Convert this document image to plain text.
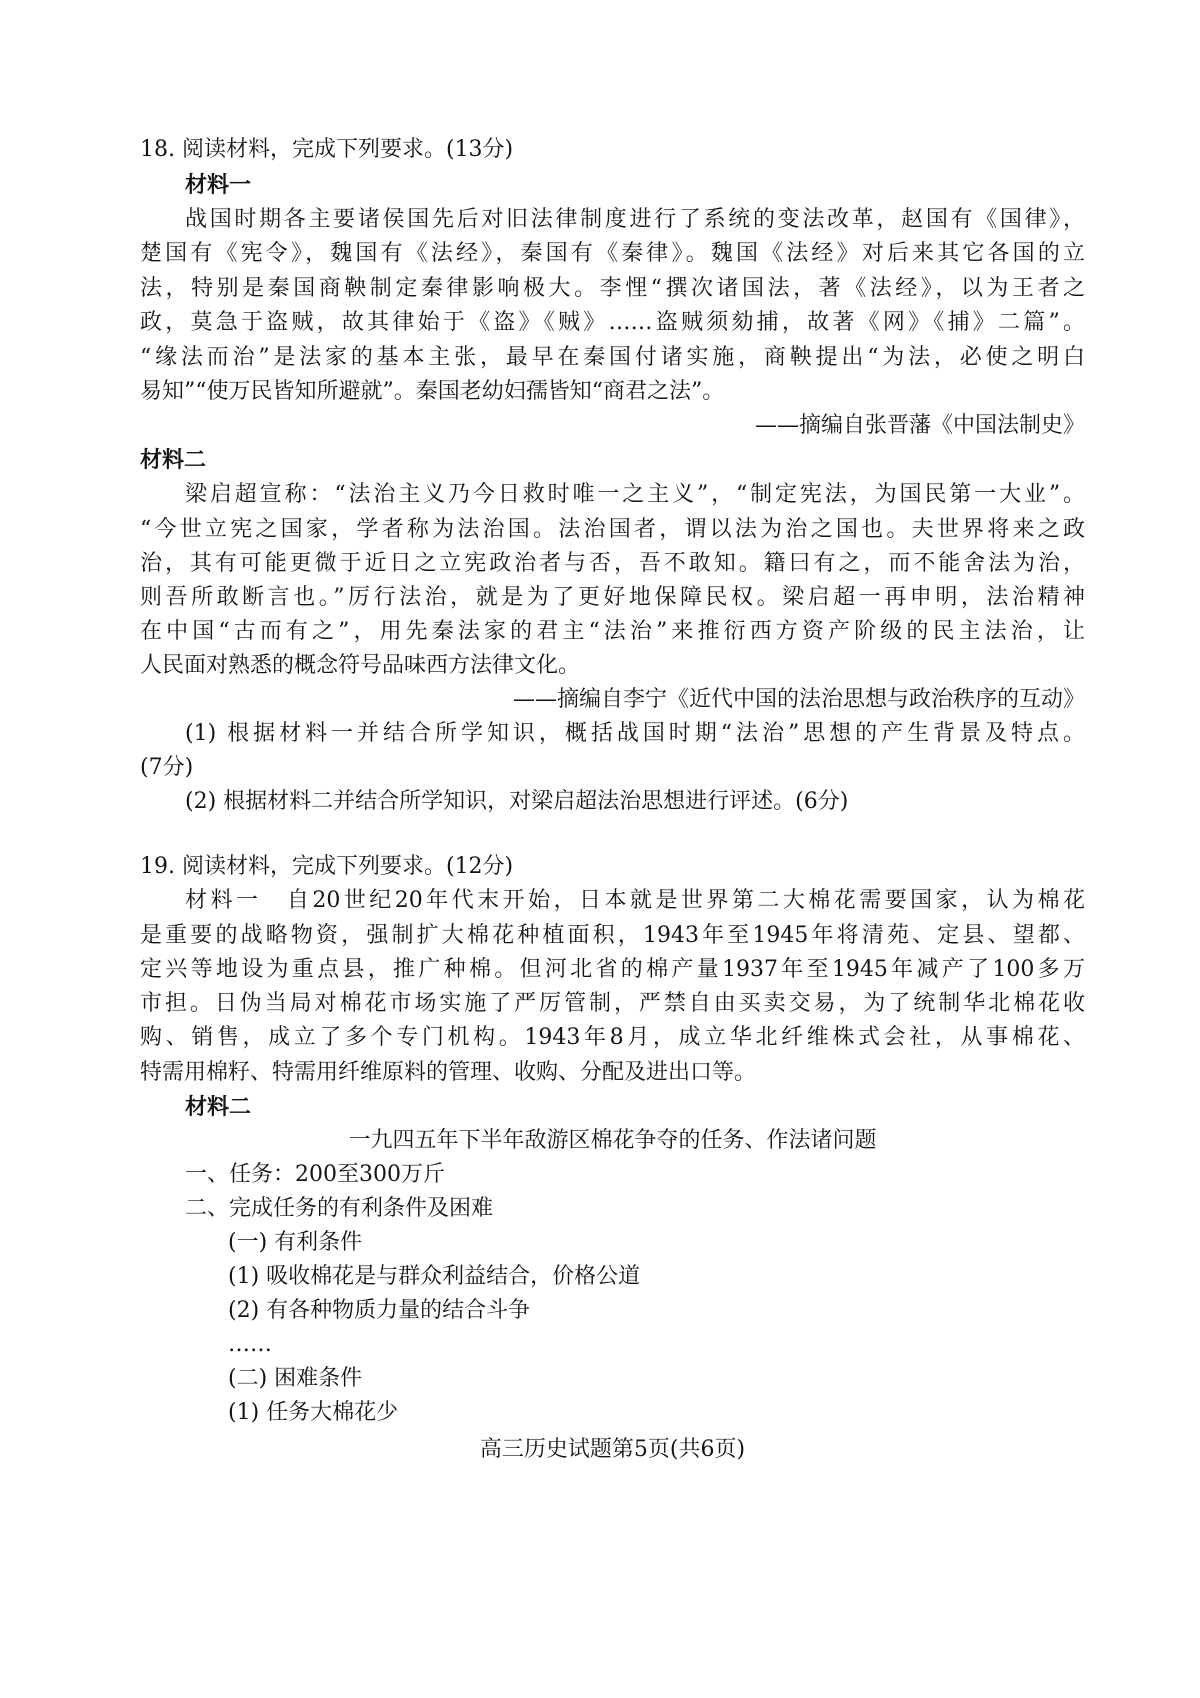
18. 阅读材料，完成下列要求。(13分)
材料一
战国时期各主要诸侯国先后对旧法律制度进行了系统的变法改革，赵国有《国律》，
楚国有《宪令》，魏国有《法经》，秦国有《秦律》。魏国《法经》对后来其它各国的立
法，特别是秦国商鞅制定秦律影响极大。李悝“撰次诸国法，著《法经》，以为王者之
政，莫急于盗贼，故其律始于《盗》《贼》……盗贼须劾捕，故著《网》《捕》二篇”。
“缘法而治”是法家的基本主张，最早在秦国付诸实施，商鞅提出“为法，必使之明白
易知”“使万民皆知所避就”。秦国老幼妇孺皆知“商君之法”。
——摘编自张晋藩《中国法制史》
材料二
梁启超宣称：“法治主义乃今日救时唯一之主义”，“制定宪法，为国民第一大业”。
“今世立宪之国家，学者称为法治国。法治国者，谓以法为治之国也。夫世界将来之政
治，其有可能更微于近日之立宪政治者与否，吾不敢知。籍曰有之，而不能舍法为治，
则吾所敢断言也。”厉行法治，就是为了更好地保障民权。梁启超一再申明，法治精神
在中国“古而有之”，用先秦法家的君主“法治”来推衍西方资产阶级的民主法治，让
人民面对熟悉的概念符号品味西方法律文化。
——摘编自李宁《近代中国的法治思想与政治秩序的互动》
(1) 根据材料一并结合所学知识，概括战国时期“法治”思想的产生背景及特点。
(7分)
(2) 根据材料二并结合所学知识，对梁启超法治思想进行评述。(6分)
19. 阅读材料，完成下列要求。(12分)
材料一　自20世纪20年代末开始，日本就是世界第二大棉花需要国家，认为棉花
是重要的战略物资，强制扩大棉花种植面积，1943年至1945年将清苑、定县、望都、
定兴等地设为重点县，推广种棉。但河北省的棉产量1937年至1945年减产了100多万
市担。日伪当局对棉花市场实施了严厉管制，严禁自由买卖交易，为了统制华北棉花收
购、销售，成立了多个专门机构。1943年8月，成立华北纤维株式会社，从事棉花、
特需用棉籽、特需用纤维原料的管理、收购、分配及进出口等。
材料二
一九四五年下半年敌游区棉花争夺的任务、作法诸问题
一、任务：200至300万斤
二、完成任务的有利条件及困难
(一) 有利条件
(1) 吸收棉花是与群众利益结合，价格公道
(2) 有各种物质力量的结合斗争
……
(二) 困难条件
(1) 任务大棉花少
高三历史试题第5页(共6页)
